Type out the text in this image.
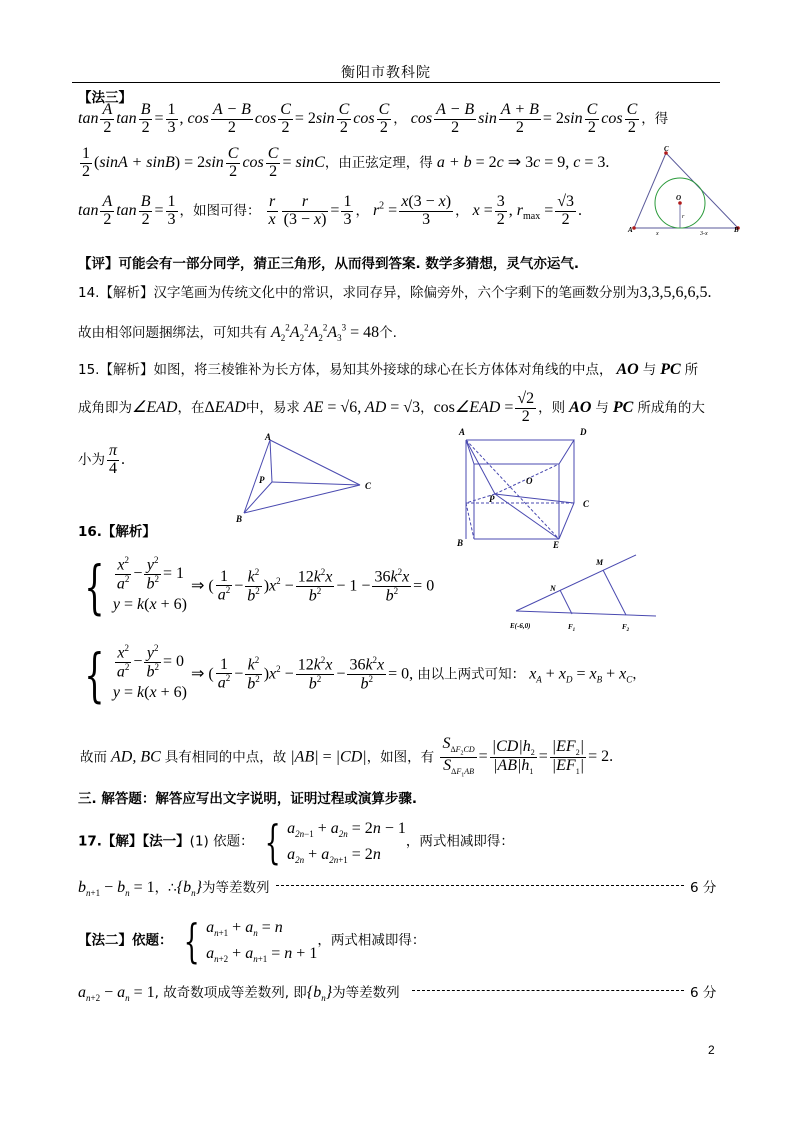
衡阳市教科院
【法三】
$\tan \frac{A}{2}$ $\tan \frac{B}{2} = \frac{1}{3}$ , $\cos \frac{A - B}{2}$ $\cos \frac{C}{2} = 2\sin \frac{C}{2}$ $\cos \frac{C}{2}$ ， $\cos \frac{A - B}{2}$ $\sin \frac{A + B}{2} = 2\sin \frac{C}{2}$ $\cos \frac{C}{2}$ ，得
$\frac{1}{2} (\sin A + \sin B) = 2\sin \frac{C}{2}$ $\cos \frac{C}{2} = \sin C$，由正弦定理，得 a + b = 2c ⇒ 3c = 9, c = 3.
$\tan \frac{A}{2}$ $\tan \frac{B}{2} = \frac{1}{3}$ ，如图可得： $\frac{r}{x} \frac{r}{(3 - x)} = \frac{1}{3}$ ， $r^2 = \frac{x(3 - x)}{3}$ ， $x = \frac{3}{2}$ , $r_{max} = \frac{√3}{2}$ .
【评】可能会有一部分同学，猜正三角形，从而得到答案. 数学多猜想，灵气亦运气.
C
O
r
A	x	3-x	B
14.【解析】汉字笔画为传统文化中的常识，求同存异，除偏旁外，六个字剩下的笔画数分别为3,3,5,6,6,5.
故由相邻问题捆绑法，可知共有 $A_2^2A_2^2A_2^2A_3^3 = 48$个.
15.【解析】如图，将三棱锥补为长方体，易知其外接球的球心在长方体体对角线的中点， AO 与 PC 所
成角即为∠EAD，在ΔEAD中，易求 AE = √6, AD = √3，cos∠EAD = $\frac{√2}{2}$ ，则 AO 与 PC 所成角的大
小为 $\frac{\pi}{4}$ .
A
P
C
B
A	D
O
P	C
B	E
16.【解析】
{ $\frac{x^2}{a^2} - \frac{y^2}{b^2} = 1$
y = k(x + 6) ⇒ ( $\frac{1}{a^2} - \frac{k^2}{b^2} )x^2 - \frac{12k^2x}{b^2} - 1 - \frac{36k^2x}{b^2} = 0$
{ $\frac{x^2}{a^2} - \frac{y^2}{b^2} = 0$
y = k(x + 6) ⇒ ( $\frac{1}{a^2} - \frac{k^2}{b^2} )x^2 - \frac{12k^2x}{b^2} - \frac{36k^2x}{b^2} = 0$, 由以上两式可知： $x_A + x_D = x_B + x_C$，
故而 AD, BC 具有相同的中点，故 |AB| = |CD|，如图，有 $\frac{S_{\Delta F_2CD}}{S_{\Delta F_1AB}} = \frac{|CD|h_2}{|AB|h_1} = \frac{|EF_2|}{|EF_1|} = 2$.
M
N
E(-6,0)	$F_1$	$F_2$
三. 解答题：解答应写出文字说明，证明过程或演算步骤.
17.【解】【法一】(1) 依题： { $a_{2n-1} + a_{2n} = 2n - 1$
$a_{2n} + a_{2n+1} = 2n$，两式相减即得：
$b_{n+1} - b_n = 1$，$\therefore\{b_n\}$为等差数列	6 分
【法二】依题： { $a_{n+1} + a_n = n$
$a_{n+2} + a_{n+1} = n + 1$，两式相减即得：
$a_{n+2} - a_n = 1$, 故奇数项成等差数列, 即$\{b_n\}$为等差数列	6 分
2
